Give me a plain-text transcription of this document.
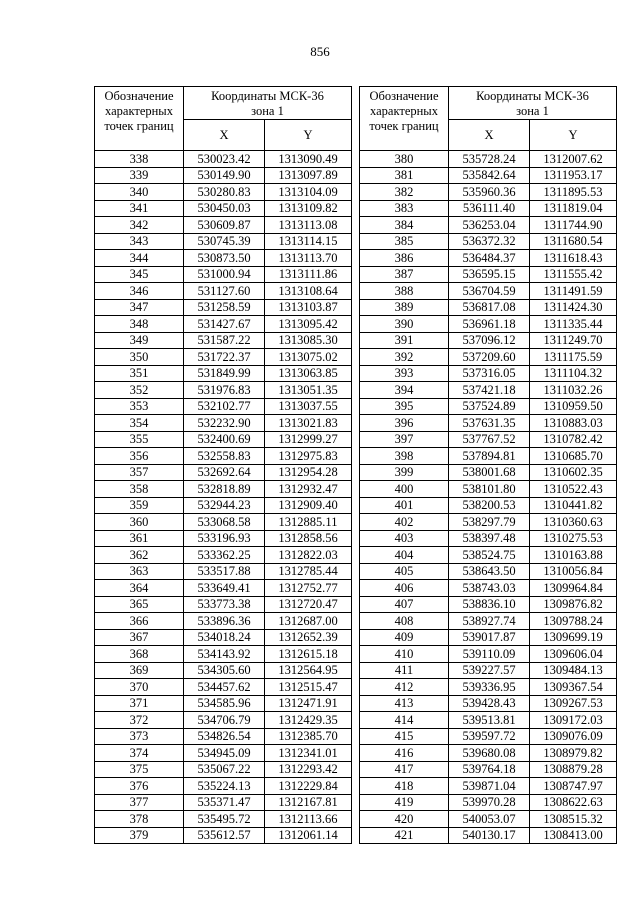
856
Обозначение характерных точек границ	Координаты МСК-36
зона 1	
	X	Y
338	530023.42	1313090.49
339	530149.90	1313097.89
340	530280.83	1313104.09
341	530450.03	1313109.82
342	530609.87	1313113.08
343	530745.39	1313114.15
344	530873.50	1313113.70
345	531000.94	1313111.86
346	531127.60	1313108.64
347	531258.59	1313103.87
348	531427.67	1313095.42
349	531587.22	1313085.30
350	531722.37	1313075.02
351	531849.99	1313063.85
352	531976.83	1313051.35
353	532102.77	1313037.55
354	532232.90	1313021.83
355	532400.69	1312999.27
356	532558.83	1312975.83
357	532692.64	1312954.28
358	532818.89	1312932.47
359	532944.23	1312909.40
360	533068.58	1312885.11
361	533196.93	1312858.56
362	533362.25	1312822.03
363	533517.88	1312785.44
364	533649.41	1312752.77
365	533773.38	1312720.47
366	533896.36	1312687.00
367	534018.24	1312652.39
368	534143.92	1312615.18
369	534305.60	1312564.95
370	534457.62	1312515.47
371	534585.96	1312471.91
372	534706.79	1312429.35
373	534826.54	1312385.70
374	534945.09	1312341.01
375	535067.22	1312293.42
376	535224.13	1312229.84
377	535371.47	1312167.81
378	535495.72	1312113.66
379	535612.57	1312061.14
Обозначение характерных точек границ	Координаты МСК-36
зона 1	
	X	Y
380	535728.24	1312007.62
381	535842.64	1311953.17
382	535960.36	1311895.53
383	536111.40	1311819.04
384	536253.04	1311744.90
385	536372.32	1311680.54
386	536484.37	1311618.43
387	536595.15	1311555.42
388	536704.59	1311491.59
389	536817.08	1311424.30
390	536961.18	1311335.44
391	537096.12	1311249.70
392	537209.60	1311175.59
393	537316.05	1311104.32
394	537421.18	1311032.26
395	537524.89	1310959.50
396	537631.35	1310883.03
397	537767.52	1310782.42
398	537894.81	1310685.70
399	538001.68	1310602.35
400	538101.80	1310522.43
401	538200.53	1310441.82
402	538297.79	1310360.63
403	538397.48	1310275.53
404	538524.75	1310163.88
405	538643.50	1310056.84
406	538743.03	1309964.84
407	538836.10	1309876.82
408	538927.74	1309788.24
409	539017.87	1309699.19
410	539110.09	1309606.04
411	539227.57	1309484.13
412	539336.95	1309367.54
413	539428.43	1309267.53
414	539513.81	1309172.03
415	539597.72	1309076.09
416	539680.08	1308979.82
417	539764.18	1308879.28
418	539871.04	1308747.97
419	539970.28	1308622.63
420	540053.07	1308515.32
421	540130.17	1308413.00
